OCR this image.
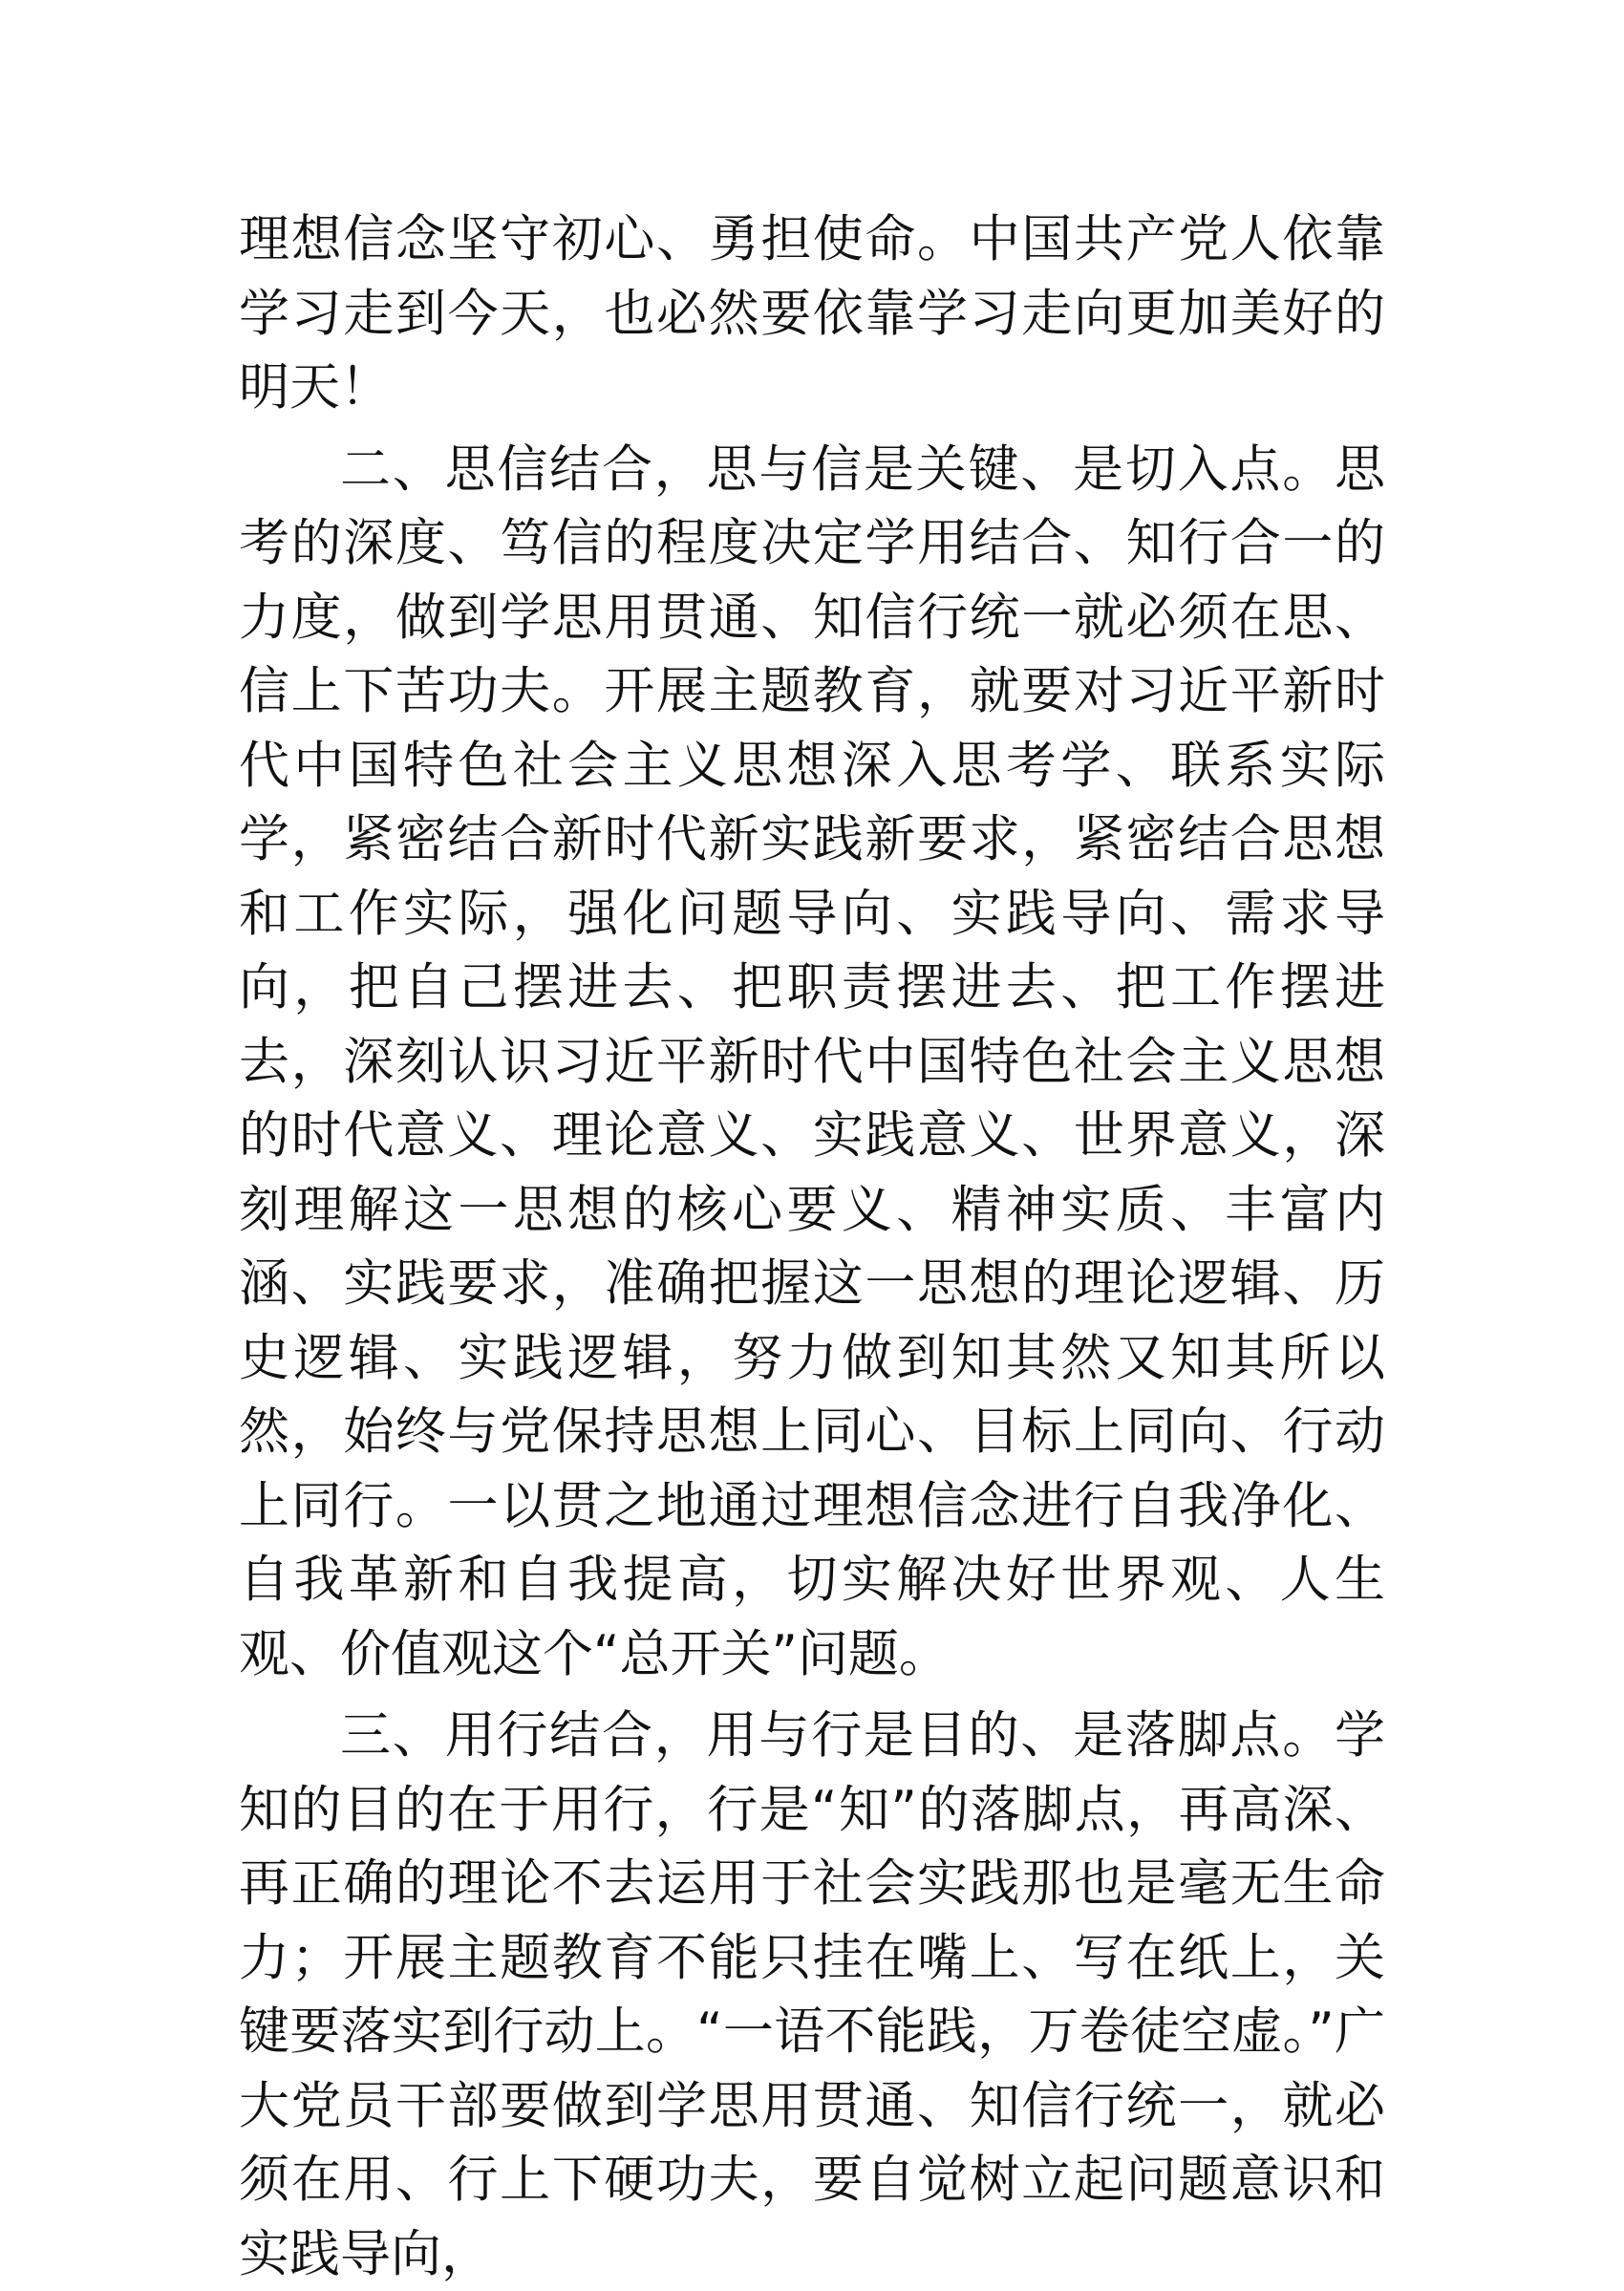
理想信念坚守初心、勇担使命。中国共产党人依靠学习走到今天，也必然要依靠学习走向更加美好的明天！

二、思信结合，思与信是关键、是切入点。思考的深度、笃信的程度决定学用结合、知行合一的力度，做到学思用贯通、知信行统一就必须在思、信上下苦功夫。开展主题教育，就要对习近平新时代中国特色社会主义思想深入思考学、联系实际学，紧密结合新时代新实践新要求，紧密结合思想和工作实际，强化问题导向、实践导向、需求导向，把自己摆进去、把职责摆进去、把工作摆进去，深刻认识习近平新时代中国特色社会主义思想的时代意义、理论意义、实践意义、世界意义，深刻理解这一思想的核心要义、精神实质、丰富内涵、实践要求，准确把握这一思想的理论逻辑、历史逻辑、实践逻辑，努力做到知其然又知其所以然，始终与党保持思想上同心、目标上同向、行动上同行。一以贯之地通过理想信念进行自我净化、自我革新和自我提高，切实解决好世界观、人生观、价值观这个“总开关”问题。

三、用行结合，用与行是目的、是落脚点。学知的目的在于用行，行是“知”的落脚点，再高深、再正确的理论不去运用于社会实践那也是毫无生命力；开展主题教育不能只挂在嘴上、写在纸上，关键要落实到行动上。“一语不能践，万卷徒空虚。”广大党员干部要做到学思用贯通、知信行统一，就必须在用、行上下硬功夫，要自觉树立起问题意识和实践导向，
